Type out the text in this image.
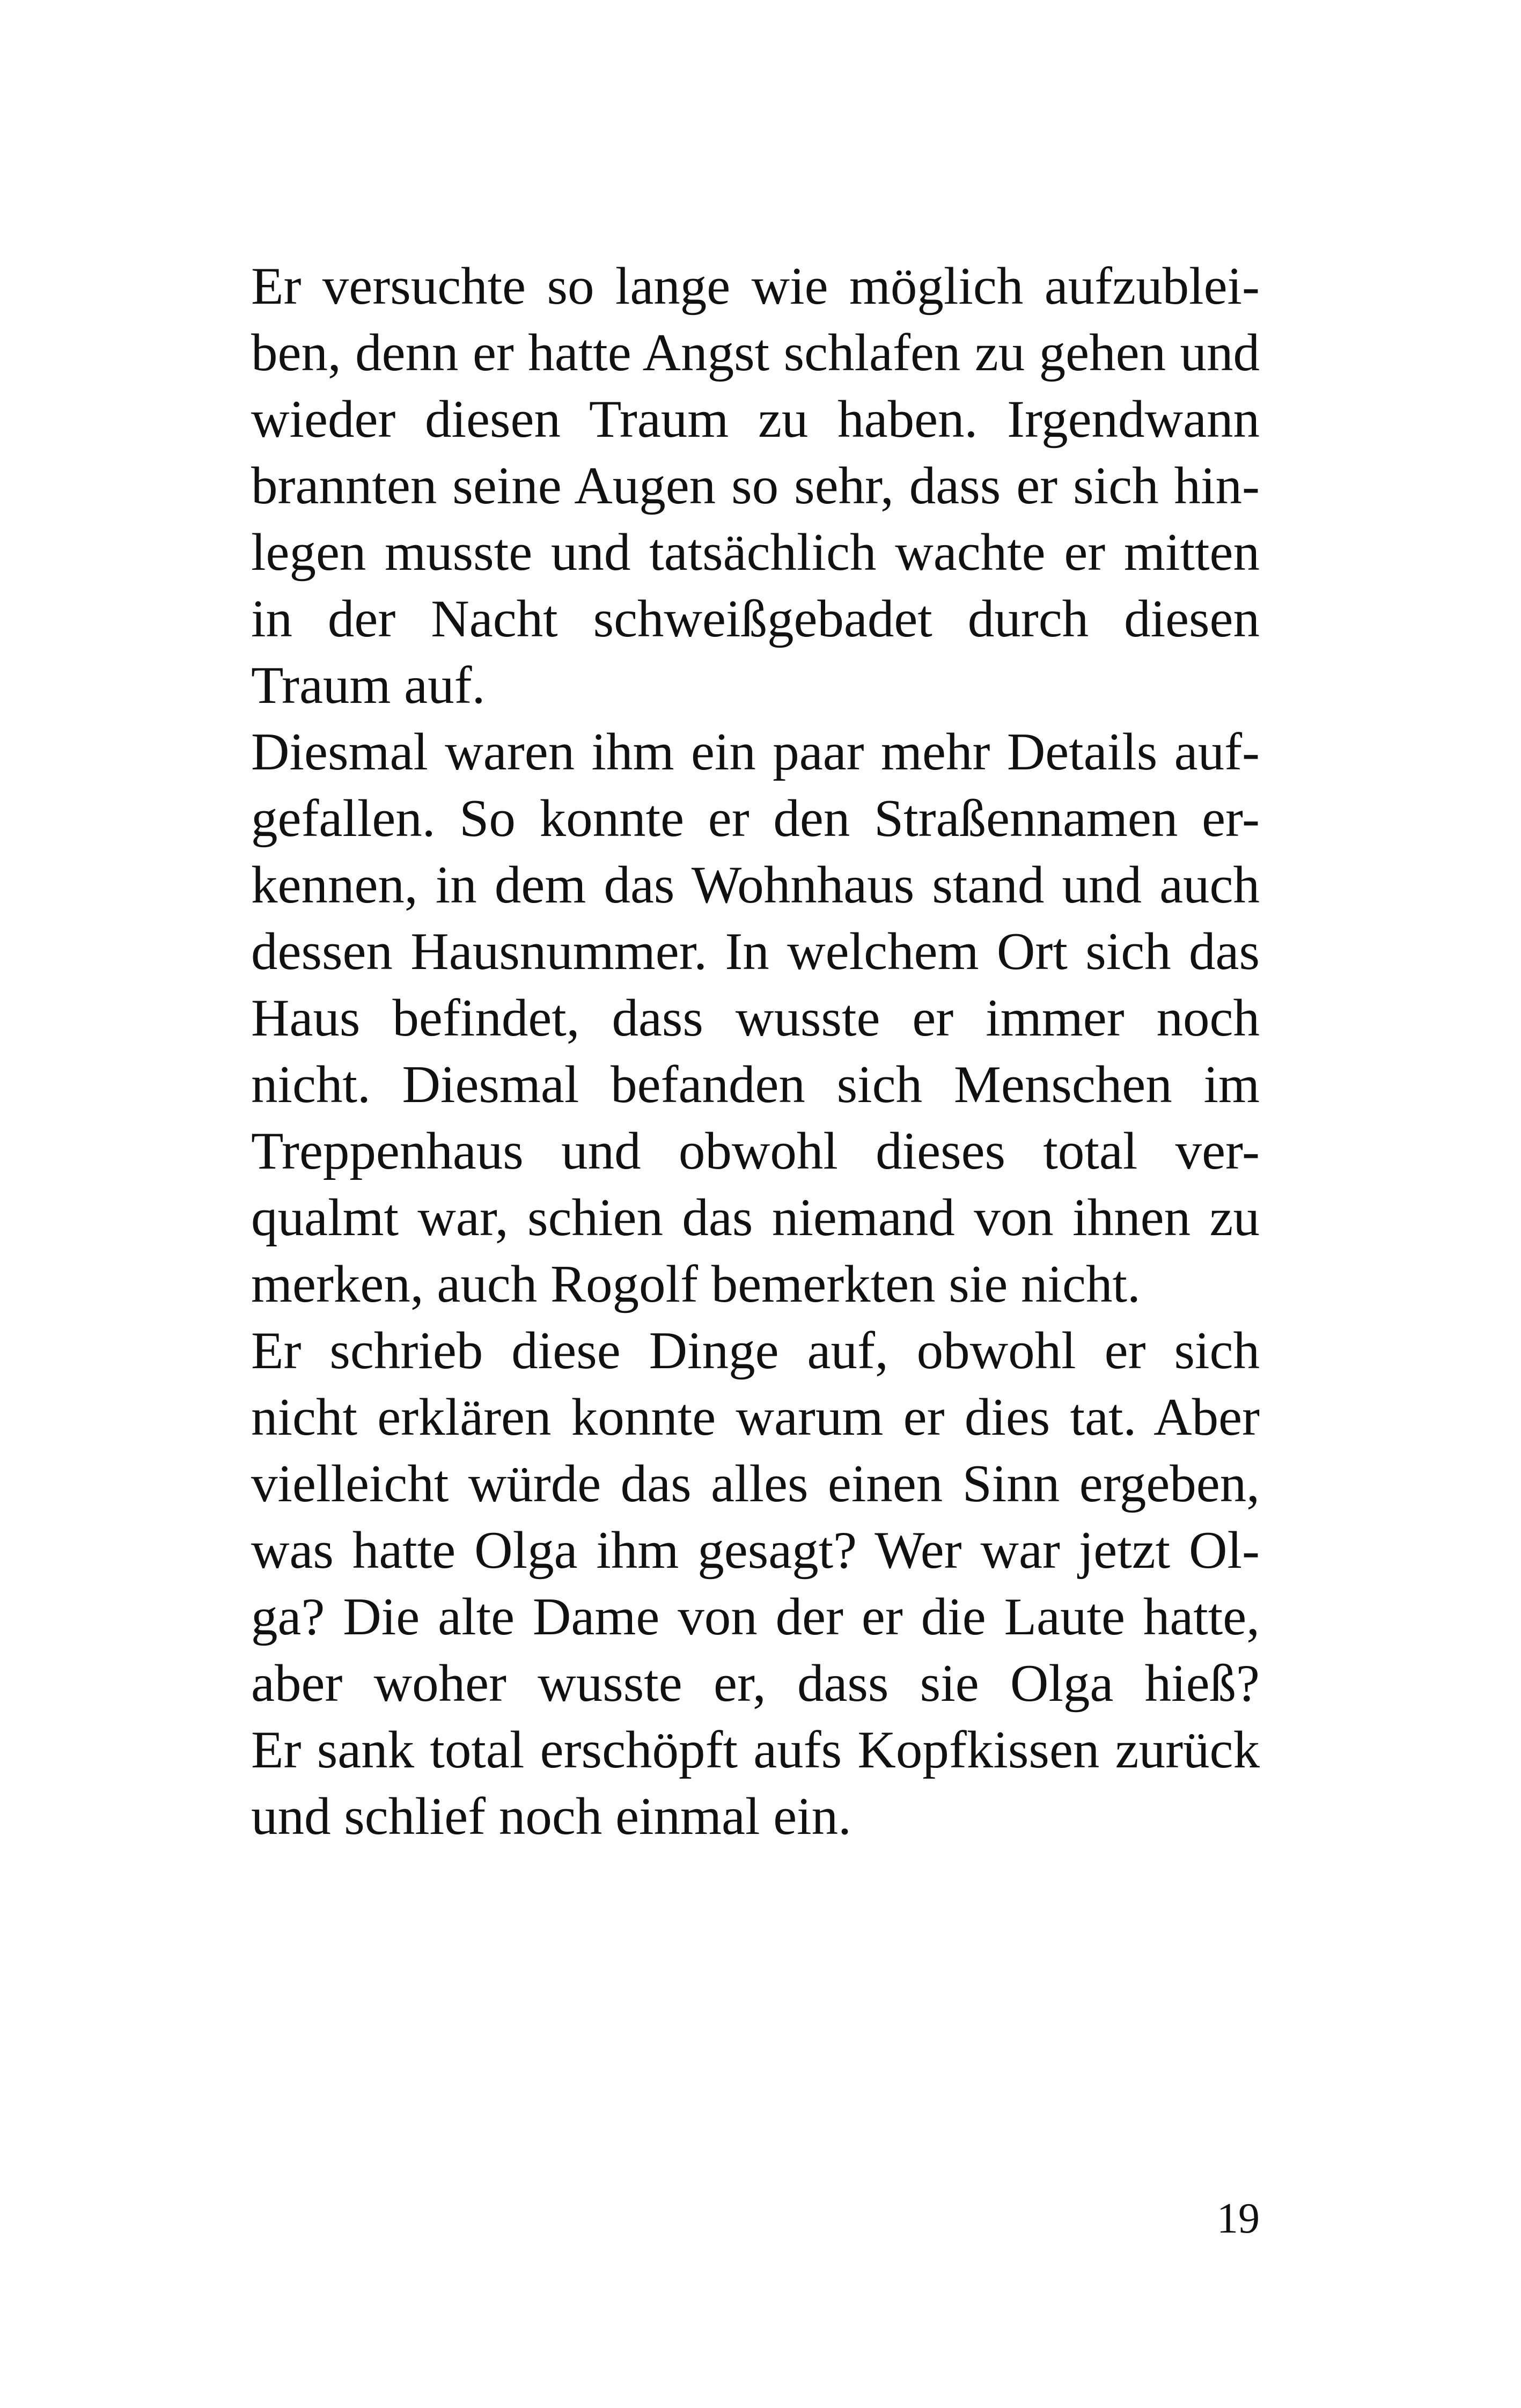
Er versuchte so lange wie möglich aufzublei-
ben, denn er hatte Angst schlafen zu gehen und
wieder diesen Traum zu haben. Irgendwann
brannten seine Augen so sehr, dass er sich hin-
legen musste und tatsächlich wachte er mitten
in der Nacht schweißgebadet durch diesen
Traum auf.
Diesmal waren ihm ein paar mehr Details auf-
gefallen. So konnte er den Straßennamen er-
kennen, in dem das Wohnhaus stand und auch
dessen Hausnummer. In welchem Ort sich das
Haus befindet, dass wusste er immer noch
nicht. Diesmal befanden sich Menschen im
Treppenhaus und obwohl dieses total ver-
qualmt war, schien das niemand von ihnen zu
merken, auch Rogolf bemerkten sie nicht.
Er schrieb diese Dinge auf, obwohl er sich
nicht erklären konnte warum er dies tat. Aber
vielleicht würde das alles einen Sinn ergeben,
was hatte Olga ihm gesagt? Wer war jetzt Ol-
ga? Die alte Dame von der er die Laute hatte,
aber woher wusste er, dass sie Olga hieß?
Er sank total erschöpft aufs Kopfkissen zurück
und schlief noch einmal ein.
19
